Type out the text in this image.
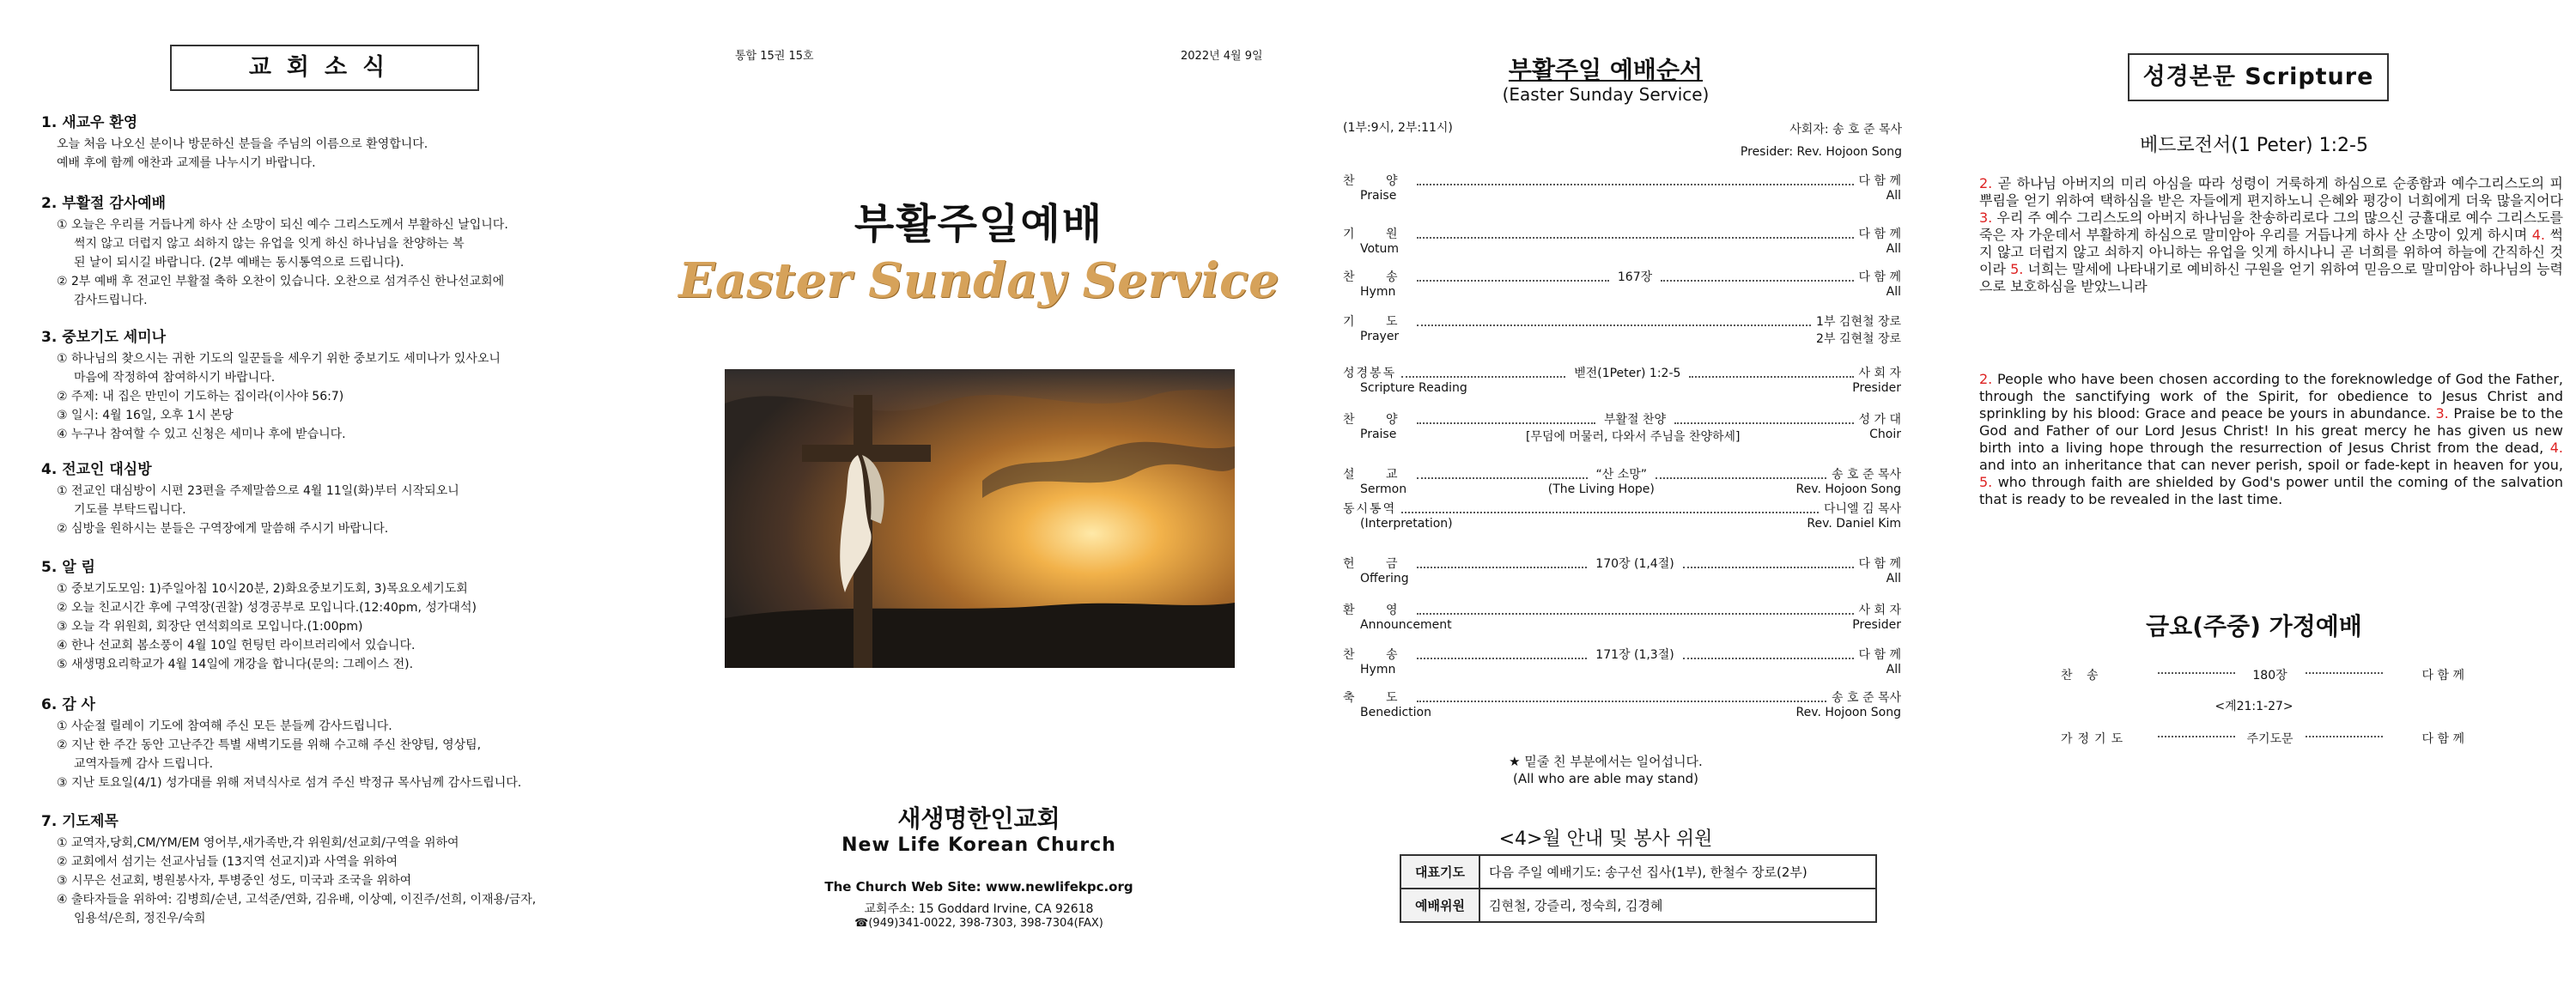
교회소식
1. 새교우 환영
오늘 처음 나오신 분이나 방문하신 분들을 주님의 이름으로 환영합니다.
예배 후에 함께 애찬과 교제를 나누시기 바랍니다.
2. 부활절 감사예배
① 오늘은 우리를 거듭나게 하사 산 소망이 되신 예수 그리스도께서 부활하신 날입니다.
썩지 않고 더럽지 않고 쇠하지 않는 유업을 잇게 하신 하나님을 찬양하는 복
된 날이 되시길 바랍니다. (2부 예배는 동시통역으로 드립니다).
② 2부 예배 후 전교인 부활절 축하 오찬이 있습니다. 오찬으로 섬겨주신 한나선교회에
감사드립니다.
3. 중보기도 세미나
① 하나님의 찾으시는 귀한 기도의 일꾼들을 세우기 위한 중보기도 세미나가 있사오니
마음에 작정하여 참여하시기 바랍니다.
② 주제: 내 집은 만민이 기도하는 집이라(이사야 56:7)
③ 일시: 4월 16일, 오후 1시 본당
④ 누구나 참여할 수 있고 신청은 세미나 후에 받습니다.
4. 전교인 대심방
① 전교인 대심방이 시편 23편을 주제말씀으로 4월 11일(화)부터 시작되오니
기도를 부탁드립니다.
② 심방을 원하시는 분들은 구역장에게 말씀해 주시기 바랍니다.
5. 알 림
① 중보기도모임: 1)주일아침 10시20분, 2)화요중보기도회, 3)목요오세기도회
② 오늘 친교시간 후에 구역장(권찰) 성경공부로 모입니다.(12:40pm, 성가대석)
③ 오늘 각 위원회, 회장단 연석회의로 모입니다.(1:00pm)
④ 한나 선교회 봄소풍이 4월 10일 헌팅턴 라이브러리에서 있습니다.
⑤ 새생명요리학교가 4월 14일에 개강을 합니다(문의: 그레이스 전).
6. 감 사
① 사순절 릴레이 기도에 참여해 주신 모든 분들께 감사드립니다.
② 지난 한 주간 동안 고난주간 특별 새벽기도를 위해 수고해 주신 찬양팀, 영상팀,
교역자들께 감사 드립니다.
③ 지난 토요일(4/1) 성가대를 위해 저녁식사로 섬겨 주신 박정규 목사님께 감사드립니다.
7. 기도제목
① 교역자,당회,CM/YM/EM 영어부,새가족반,각 위원회/선교회/구역을 위하여
② 교회에서 섬기는 선교사님들 (13지역 선교지)과 사역을 위하여
③ 시무은 선교회, 병원봉사자, 투병중인 성도, 미국과 조국을 위하여
④ 출타자들을 위하여: 김병희/순년, 고석준/연화, 김유배, 이상예, 이진주/선희, 이재용/금자,
임용석/은희, 정진우/숙희
통합 15권 15호	2022년 4월 9일
부활주일예배
Easter Sunday Service
새생명한인교회
New Life Korean Church
The Church Web Site: www.newlifekpc.org
교회주소: 15 Goddard Irvine, CA 92618
☎(949)341-0022, 398-7303, 398-7304(FAX)
부활주일 예배순서
(Easter Sunday Service)
(1부:9시, 2부:11시)	사회자: 송 호 준 목사
Presider: Rev. Hojoon Song
찬 양	다 함 께
Praise	All
기 원	다 함 께
Votum	All
찬 송	167장	다 함 께
Hymn	All
기 도	1부 김현철 장로
Prayer	2부 김현철 장로
성경봉독	벧전(1Peter) 1:2-5	사 회 자
Scripture Reading	Presider
찬 양	부활절 찬양	성 가 대
Praise	[무덤에 머물러, 다와서 주님을 찬양하세]	Choir
설 교	“산 소망”	송 호 준 목사
Sermon	(The Living Hope)	Rev. Hojoon Song
동시통역	다니엘 김 목사
(Interpretation)	Rev. Daniel Kim
헌 금	170장 (1,4절)	다 함 께
Offering	All
환 영	사 회 자
Announcement	Presider
찬 송	171장 (1,3절)	다 함 께
Hymn	All
축 도	송 호 준 목사
Benediction	Rev. Hojoon Song
★ 밑줄 친 부분에서는 일어섭니다.
(All who are able may stand)
<4>월 안내 및 봉사 위원
대표기도	다음 주일 예배기도: 송구선 집사(1부), 한철수 장로(2부)
예배위원	김현철, 강즐리, 정숙희, 김경혜
성경본문 Scripture
베드로전서(1 Peter) 1:2-5
2. 곧 하나님 아버지의 미리 아심을 따라 성령이 거룩하게 하심으로 순종함과 예수그리스도의 피 뿌림을 얻기 위하여 택하심을 받은 자들에게 편지하노니 은혜와 평강이 너희에게 더욱 많을지어다 3. 우리 주 예수 그리스도의 아버지 하나님을 찬송하리로다 그의 많으신 긍휼대로 예수 그리스도를 죽은 자 가운데서 부활하게 하심으로 말미암아 우리를 거듭나게 하사 산 소망이 있게 하시며 4. 썩지 않고 더럽지 않고 쇠하지 아니하는 유업을 잇게 하시나니 곧 너희를 위하여 하늘에 간직하신 것이라 5. 너희는 말세에 나타내기로 예비하신 구원을 얻기 위하여 믿음으로 말미암아 하나님의 능력으로 보호하심을 받았느니라
2. People who have been chosen according to the foreknowledge of God the Father, through the sanctifying work of the Spirit, for obedience to Jesus Christ and sprinkling by his blood: Grace and peace be yours in abundance. 3. Praise be to the God and Father of our Lord Jesus Christ! In his great mercy he has given us new birth into a living hope through the resurrection of Jesus Christ from the dead, 4. and into an inheritance that can never perish, spoil or fade-kept in heaven for you, 5. who through faith are shielded by God's power until the coming of the salvation that is ready to be revealed in the last time.
금요(주중) 가정예배
찬 송	180장	다 함 께
<계21:1-27>
가정기도	주기도문	다 함 께
